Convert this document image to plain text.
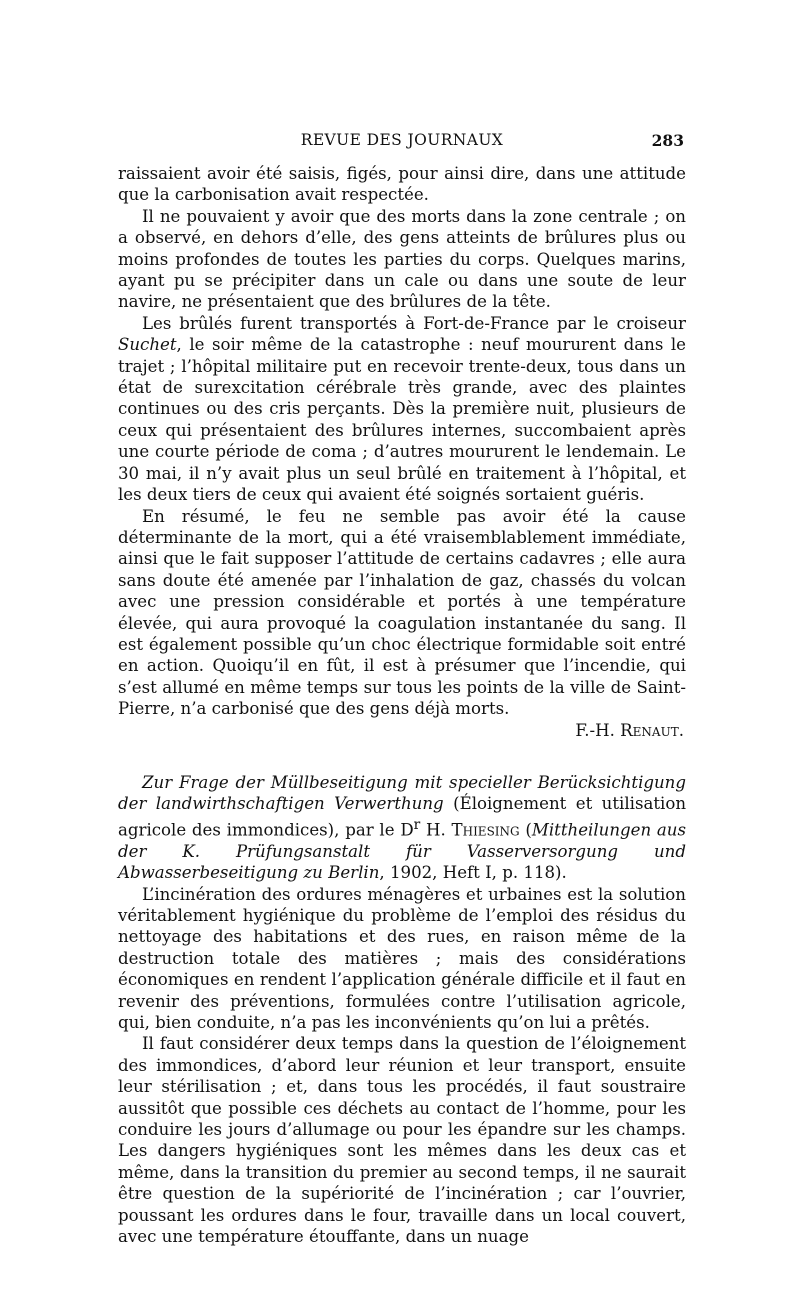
REVUE DES JOURNAUX	283

raissaient avoir été saisis, figés, pour ainsi dire, dans une attitude que la carbonisation avait respectée.

Il ne pouvaient y avoir que des morts dans la zone centrale ; on a observé, en dehors d’elle, des gens atteints de brûlures plus ou moins profondes de toutes les parties du corps. Quelques marins, ayant pu se précipiter dans un cale ou dans une soute de leur navire, ne présentaient que des brûlures de la tête.

Les brûlés furent transportés à Fort-de-France par le croiseur Suchet, le soir même de la catastrophe : neuf moururent dans le trajet ; l’hôpital militaire put en recevoir trente-deux, tous dans un état de surexcitation cérébrale très grande, avec des plaintes continues ou des cris perçants. Dès la première nuit, plusieurs de ceux qui présentaient des brûlures internes, succombaient après une courte période de coma ; d’autres moururent le lendemain. Le 30 mai, il n’y avait plus un seul brûlé en traitement à l’hôpital, et les deux tiers de ceux qui avaient été soignés sortaient guéris.

En résumé, le feu ne semble pas avoir été la cause déterminante de la mort, qui a été vraisemblablement immédiate, ainsi que le fait supposer l’attitude de certains cadavres ; elle aura sans doute été amenée par l’inhalation de gaz, chassés du volcan avec une pression considérable et portés à une température élevée, qui aura provoqué la coagulation instantanée du sang. Il est également possible qu’un choc électrique formidable soit entré en action. Quoiqu’il en fût, il est à présumer que l’incendie, qui s’est allumé en même temps sur tous les points de la ville de Saint-Pierre, n’a carbonisé que des gens déjà morts.

F.-H. Renaut.

Zur Frage der Müllbeseitigung mit specieller Berücksichtigung der landwirthschaftigen Verwerthung (Éloignement et utilisation agricole des immondices), par le $D^r$ H. Thiesing (Mittheilungen aus der K. Prüfungsanstalt für Vasserversorgung und Abwasserbeseitigung zu Berlin, 1902, Heft I, p. 118).

L’incinération des ordures ménagères et urbaines est la solution véritablement hygiénique du problème de l’emploi des résidus du nettoyage des habitations et des rues, en raison même de la destruction totale des matières ; mais des considérations économiques en rendent l’application générale difficile et il faut en revenir des préventions, formulées contre l’utilisation agricole, qui, bien conduite, n’a pas les inconvénients qu’on lui a prêtés.

Il faut considérer deux temps dans la question de l’éloignement des immondices, d’abord leur réunion et leur transport, ensuite leur stérilisation ; et, dans tous les procédés, il faut soustraire aussitôt que possible ces déchets au contact de l’homme, pour les conduire les jours d’allumage ou pour les épandre sur les champs. Les dangers hygiéniques sont les mêmes dans les deux cas et même, dans la transition du premier au second temps, il ne saurait être question de la supériorité de l’incinération ; car l’ouvrier, poussant les ordures dans le four, travaille dans un local couvert, avec une température étouffante, dans un nuage
